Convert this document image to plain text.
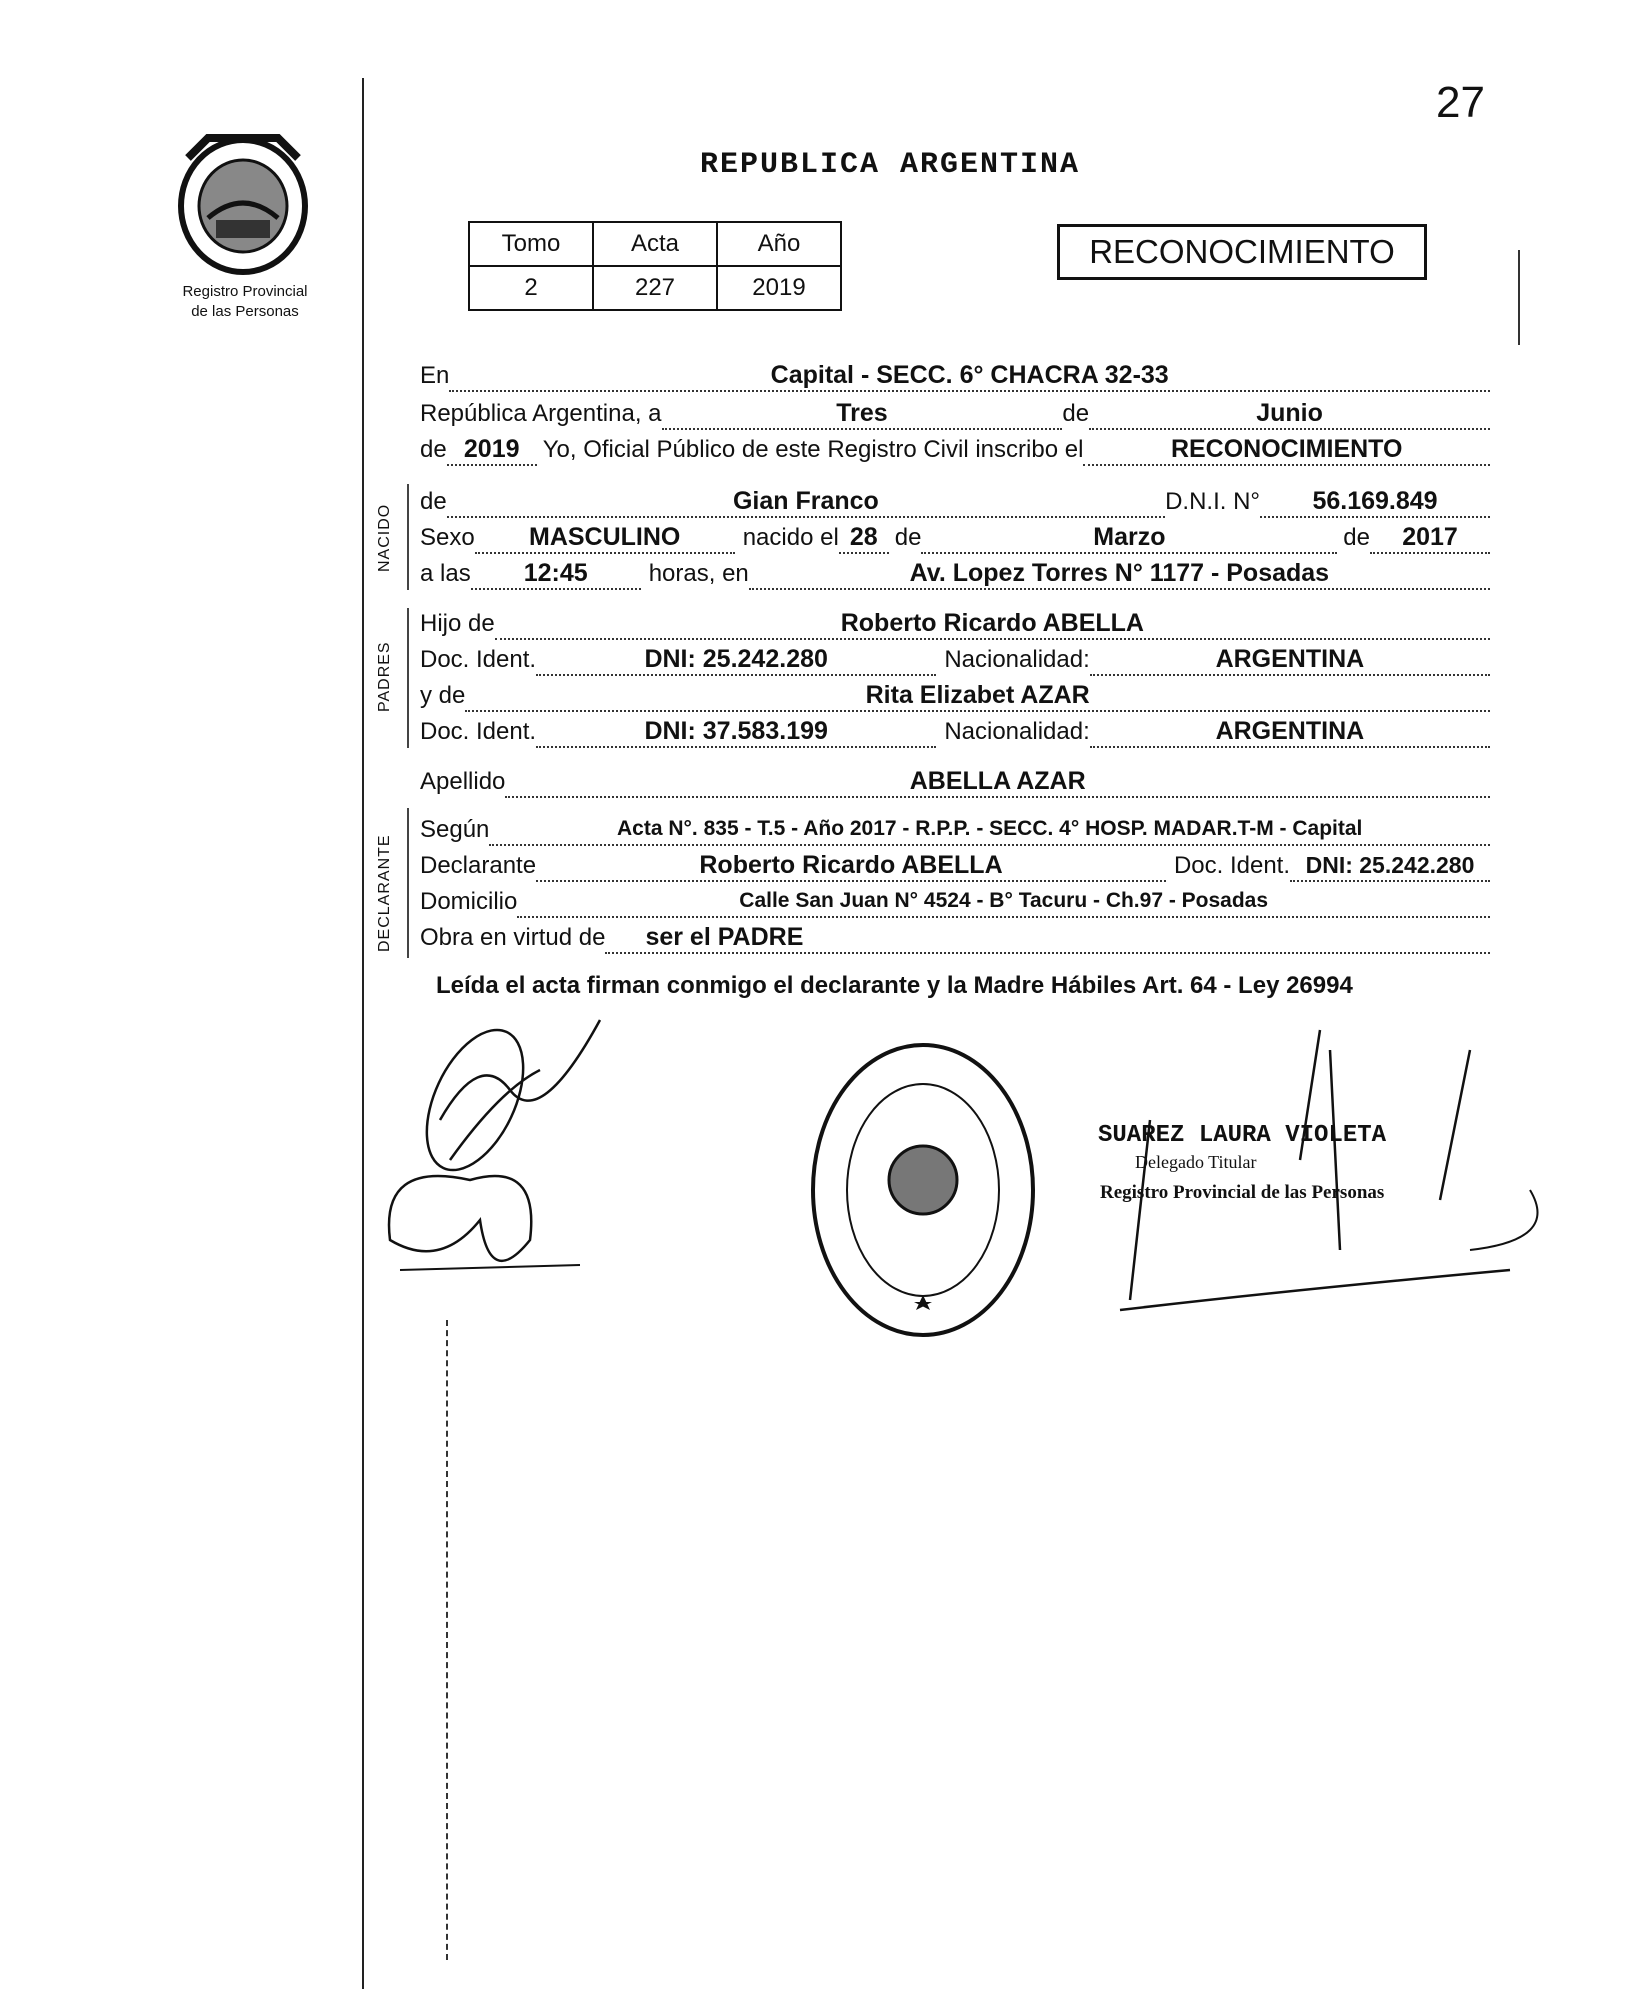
27
Registro Provincial
de las Personas
REPUBLICA ARGENTINA
Tomo	Acta	Año
2	227	2019
RECONOCIMIENTO
En	Capital - SECC. 6° CHACRA 32-33
República Argentina, a	Tres	de	Junio
de 2019 Yo, Oficial Público de este Registro Civil inscribo el	RECONOCIMIENTO
de	Gian Franco	D.N.I. N°	56.169.849
Sexo	MASCULINO	nacido el 28 de	Marzo	de	2017
a las	12:45	horas, en	Av. Lopez Torres N° 1177 - Posadas
Hijo de	Roberto Ricardo ABELLA
Doc. Ident.	DNI: 25.242.280	Nacionalidad:	ARGENTINA
y de	Rita Elizabet AZAR
Doc. Ident.	DNI: 37.583.199	Nacionalidad:	ARGENTINA
Apellido	ABELLA AZAR
Según	Acta N°. 835 - T.5 - Año 2017 - R.P.P. - SECC. 4° HOSP. MADAR.T-M - Capital
Declarante	Roberto Ricardo ABELLA	Doc. Ident. DNI: 25.242.280
Domicilio	Calle San Juan N° 4524 - B° Tacuru - Ch.97 - Posadas
Obra en virtud de	ser el PADRE
NACIDO
PADRES
DECLARANTE
Leída el acta firman conmigo el declarante y la Madre Hábiles Art. 64 - Ley 26994
SUAREZ LAURA VIOLETA
Delegado Titular
Registro Provincial de las Personas
